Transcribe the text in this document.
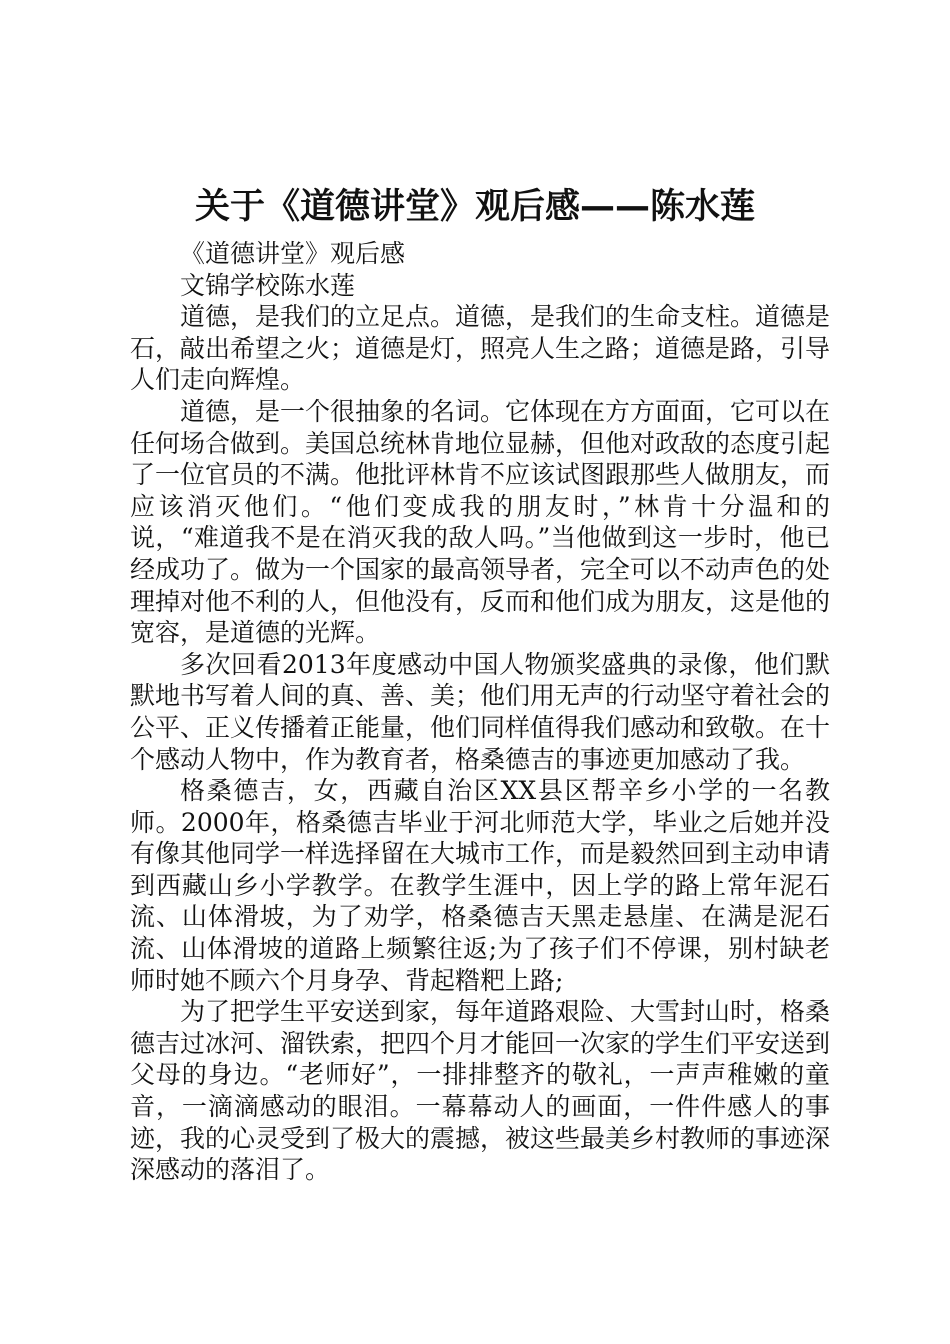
关于《道德讲堂》观后感——陈水莲

《道德讲堂》观后感

文锦学校陈水莲

道德，是我们的立足点。道德，是我们的生命支柱。道德是石，敲出希望之火；道德是灯，照亮人生之路；道德是路，引导人们走向辉煌。

道德，是一个很抽象的名词。它体现在方方面面，它可以在任何场合做到。美国总统林肯地位显赫，但他对政敌的态度引起了一位官员的不满。他批评林肯不应该试图跟那些人做朋友，而应该消灭他们。“他们变成我的朋友时，”林肯十分温和的说，“难道我不是在消灭我的敌人吗。”当他做到这一步时，他已经成功了。做为一个国家的最高领导者，完全可以不动声色的处理掉对他不利的人，但他没有，反而和他们成为朋友，这是他的宽容，是道德的光辉。

多次回看2013年度感动中国人物颁奖盛典的录像，他们默默地书写着人间的真、善、美；他们用无声的行动坚守着社会的公平、正义传播着正能量，他们同样值得我们感动和致敬。在十个感动人物中，作为教育者，格桑德吉的事迹更加感动了我。

格桑德吉，女，西藏自治区XX县区帮辛乡小学的一名教师。2000年，格桑德吉毕业于河北师范大学，毕业之后她并没有像其他同学一样选择留在大城市工作，而是毅然回到主动申请到西藏山乡小学教学。在教学生涯中，因上学的路上常年泥石流、山体滑坡，为了劝学，格桑德吉天黑走悬崖、在满是泥石流、山体滑坡的道路上频繁往返;为了孩子们不停课，别村缺老师时她不顾六个月身孕、背起糌粑上路;

为了把学生平安送到家，每年道路艰险、大雪封山时，格桑德吉过冰河、溜铁索，把四个月才能回一次家的学生们平安送到父母的身边。“老师好”，一排排整齐的敬礼，一声声稚嫩的童音，一滴滴感动的眼泪。一幕幕动人的画面，一件件感人的事迹，我的心灵受到了极大的震撼，被这些最美乡村教师的事迹深深感动的落泪了。
